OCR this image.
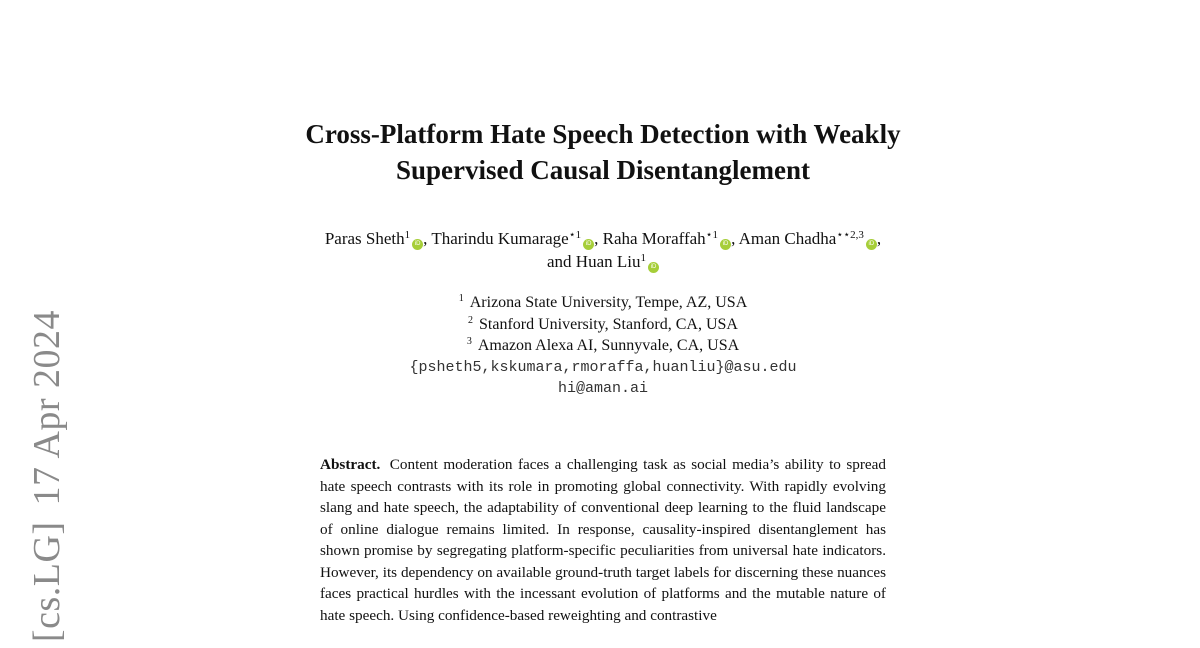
[cs.LG]17 Apr 2024
Cross-Platform Hate Speech Detection with Weakly
Supervised Causal Disentanglement
Paras Sheth$^1$iD , Tharindu Kumarage$^{⋆1}$iD , Raha Moraffah$^{⋆1}$iD , Aman Chadha$^{⋆⋆2,3}$iD ,
and Huan Liu$^1$iD
$^1$ Arizona State University, Tempe, AZ, USA
$^2$ Stanford University, Stanford, CA, USA
$^3$ Amazon Alexa AI, Sunnyvale, CA, USA
{psheth5,kskumara,rmoraffa,huanliu}@asu.edu
hi@aman.ai
Abstract. Content moderation faces a challenging task as social media’s ability to spread hate speech contrasts with its role in promoting global connectivity. With rapidly evolving slang and hate speech, the adaptability of conventional deep learning to the fluid landscape of online dialogue remains limited. In response, causality-inspired disentanglement has shown promise by segregating platform-specific peculiarities from universal hate indicators. However, its dependency on available ground-truth target labels for discerning these nuances faces practical hurdles with the incessant evolution of platforms and the mutable nature of hate speech. Using confidence-based reweighting and contrastive
